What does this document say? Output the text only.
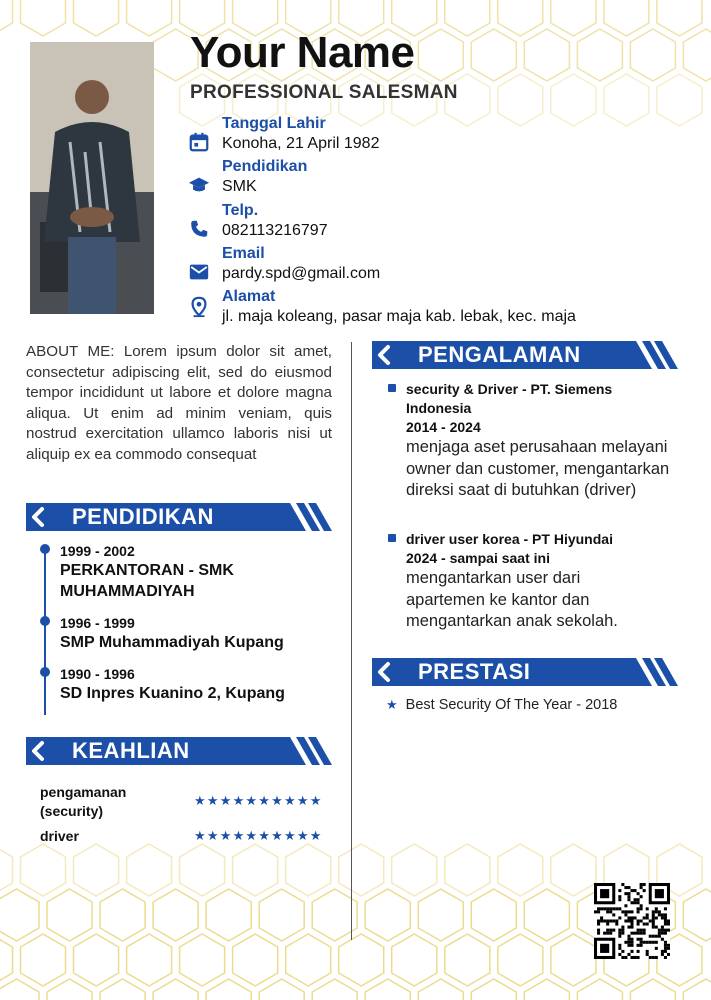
Your Name
PROFESSIONAL SALESMAN
Tanggal Lahir
Konoha, 21 April 1982
Pendidikan
SMK
Telp.
082113216797
Email
pardy.spd@gmail.com
Alamat
jl. maja koleang, pasar maja kab. lebak, kec. maja
ABOUT ME: Lorem ipsum dolor sit amet, consectetur adipiscing elit, sed do eiusmod tempor incididunt ut labore et dolore magna aliqua. Ut enim ad minim veniam, quis nostrud exercitation ullamco laboris nisi ut aliquip ex ea commodo consequat
PENDIDIKAN
1999 - 2002
PERKANTORAN - SMK MUHAMMADIYAH
1996 - 1999
SMP Muhammadiyah Kupang
1990 - 1996
SD Inpres Kuanino 2, Kupang
KEAHLIAN
pengamanan (security)
★★★★★★★★★★
driver	★★★★★★★★★★
PENGALAMAN
security & Driver - PT. Siemens Indonesia
2014 - 2024
menjaga aset perusahaan melayani owner dan customer, mengantarkan direksi saat di butuhkan (driver)
driver user korea - PT Hiyundai
2024 - sampai saat ini
mengantarkan user dari apartemen ke kantor dan mengantarkan anak sekolah.
PRESTASI
★ Best Security Of The Year - 2018
